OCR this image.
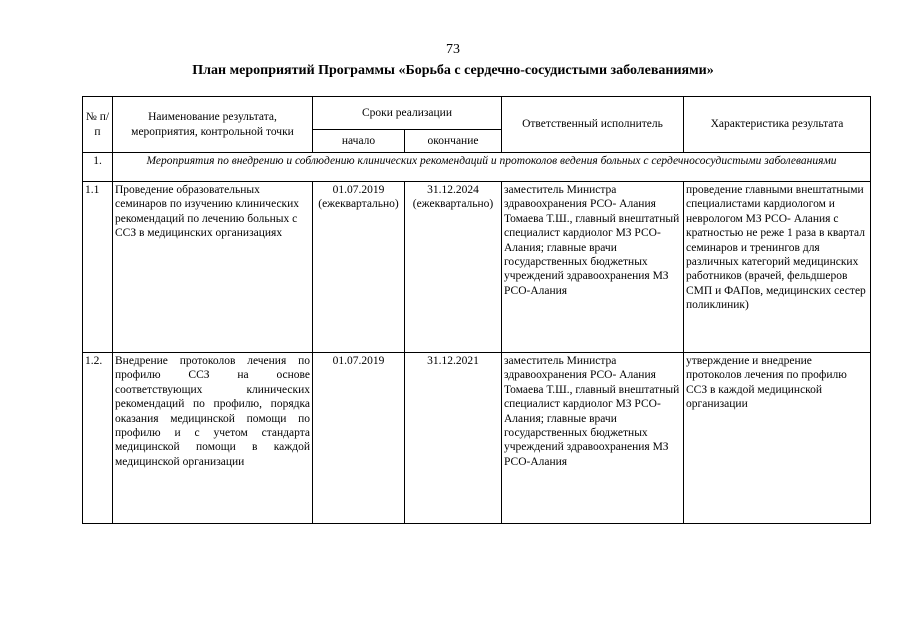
73
План мероприятий Программы «Борьба с сердечно-сосудистыми заболеваниями»
№ п/п	Наименование результата, мероприятия, контрольной точки	Сроки реализации		Ответственный исполнитель	Характеристика результата
		начало	окончание		
1.	Мероприятия по внедрению и соблюдению клинических рекомендаций и протоколов ведения больных с сердечнососудистыми заболеваниями				
1.1	Проведение образовательных семинаров по изучению клинических рекомендаций по лечению больных с ССЗ в медицинских организациях	01.07.2019 (ежеквартально)	31.12.2024 (ежеквартально)	заместитель Министра здравоохранения РСО- Алания Томаева Т.Ш., главный внештатный специалист кардиолог МЗ РСО-Алания; главные врачи государственных бюджетных учреждений здравоохранения МЗ РСО-Алания	проведение главными внештатными специалистами кардиологом и неврологом МЗ РСО- Алания с кратностью не реже 1 раза в квартал семинаров и тренингов для различных категорий медицинских работников (врачей, фельдшеров СМП и ФАПов, медицинских сестер поликлиник)
1.2.	Внедрение протоколов лечения по профилю ССЗ на основе соответствующих клинических рекомендаций по профилю, порядка оказания медицинской помощи по профилю и с учетом стандарта медицинской помощи в каждой медицинской организации	01.07.2019	31.12.2021	заместитель Министра здравоохранения РСО- Алания Томаева Т.Ш., главный внештатный специалист кардиолог МЗ РСО-Алания; главные врачи государственных бюджетных учреждений здравоохранения МЗ РСО-Алания	утверждение и внедрение протоколов лечения по профилю ССЗ в каждой медицинской организации
